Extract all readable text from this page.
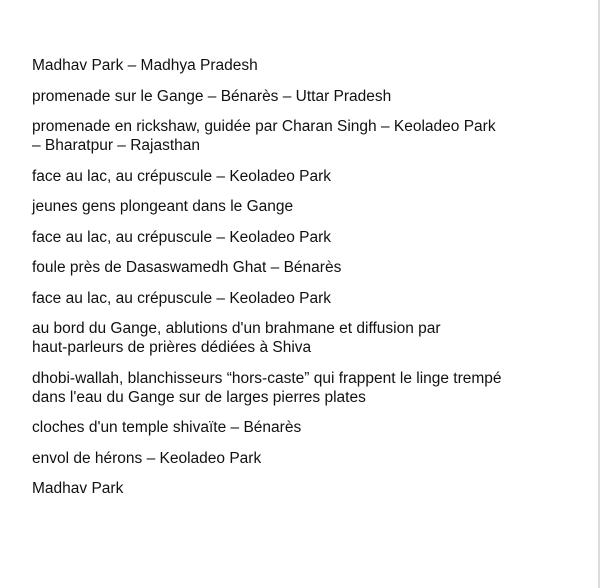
Madhav Park – Madhya Pradesh
promenade sur le Gange – Bénarès – Uttar Pradesh
promenade en rickshaw, guidée par Charan Singh – Keoladeo Park
– Bharatpur – Rajasthan
face au lac, au crépuscule – Keoladeo Park
jeunes gens plongeant dans le Gange
face au lac, au crépuscule – Keoladeo Park
foule près de Dasaswamedh Ghat – Bénarès
face au lac, au crépuscule – Keoladeo Park
au bord du Gange, ablutions d'un brahmane et diffusion par
haut-parleurs de prières dédiées à Shiva
dhobi-wallah, blanchisseurs “hors-caste” qui frappent le linge trempé
dans l'eau du Gange sur de larges pierres plates
cloches d'un temple shivaïte – Bénarès
envol de hérons – Keoladeo Park
Madhav Park
